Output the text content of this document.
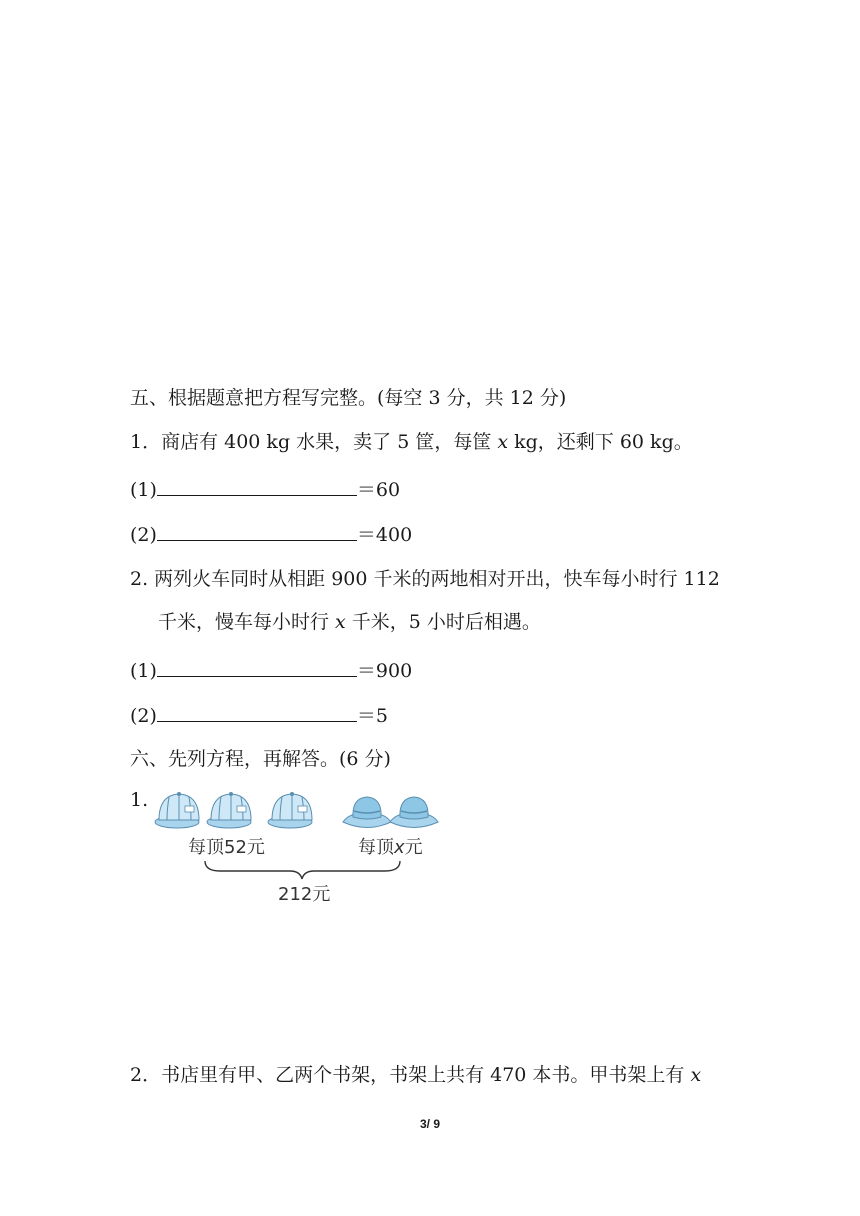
五、根据题意把方程写完整。(每空 3 分，共 12 分)
1．商店有 400 kg 水果，卖了 5 筐，每筐 x kg，还剩下 60 kg。
(1)	＝60
(2)	＝400
2. 两列火车同时从相距 900 千米的两地相对开出，快车每小时行 112
千米，慢车每小时行 x 千米，5 小时后相遇。
(1)	＝900
(2)	＝5
六、先列方程，再解答。(6 分)
1.
每顶52元	每顶x元
212元
2．书店里有甲、乙两个书架，书架上共有 470 本书。甲书架上有 x
3/ 9
